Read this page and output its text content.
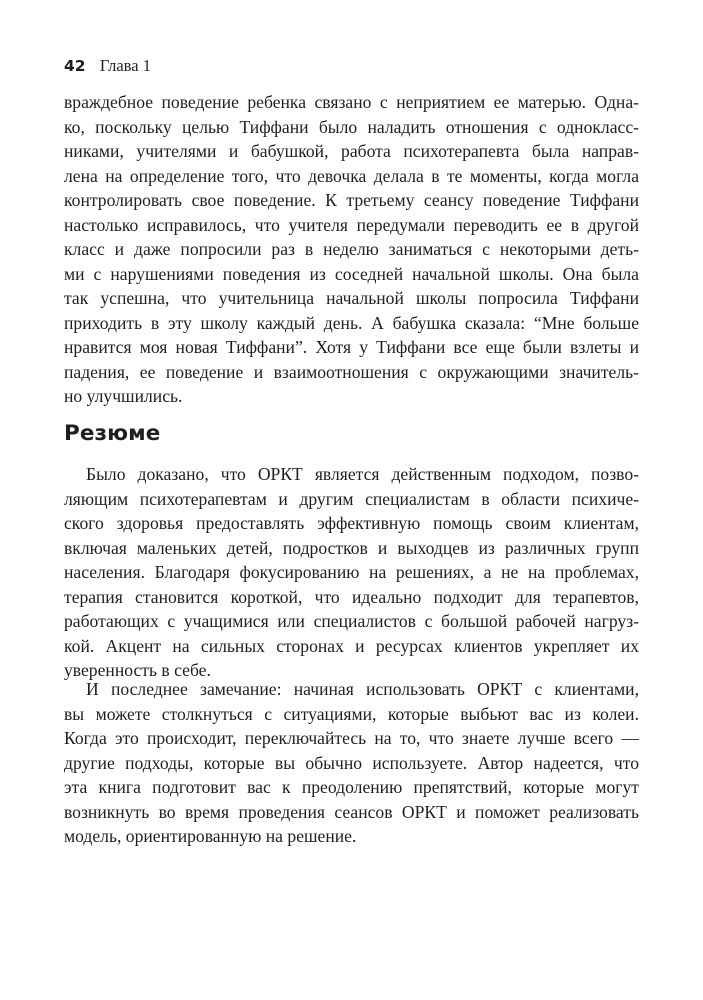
42 Глава 1
враждебное поведение ребенка связано с неприятием ее матерью. Одна-
ко, поскольку целью Тиффани было наладить отношения с однокласс-
никами, учителями и бабушкой, работа психотерапевта была направ-
лена на определение того, что девочка делала в те моменты, когда могла
контролировать свое поведение. К третьему сеансу поведение Тиффани
настолько исправилось, что учителя передумали переводить ее в другой
класс и даже попросили раз в неделю заниматься с некоторыми деть-
ми с нарушениями поведения из соседней начальной школы. Она была
так успешна, что учительница начальной школы попросила Тиффани
приходить в эту школу каждый день. А бабушка сказала: “Мне больше
нравится моя новая Тиффани”. Хотя у Тиффани все еще были взлеты и
падения, ее поведение и взаимоотношения с окружающими значитель-
но улучшились.
Резюме
Было доказано, что ОРКТ является действенным подходом, позво-
ляющим психотерапевтам и другим специалистам в области психиче-
ского здоровья предоставлять эффективную помощь своим клиентам,
включая маленьких детей, подростков и выходцев из различных групп
населения. Благодаря фокусированию на решениях, а не на проблемах,
терапия становится короткой, что идеально подходит для терапевтов,
работающих с учащимися или специалистов с большой рабочей нагруз-
кой. Акцент на сильных сторонах и ресурсах клиентов укрепляет их
уверенность в себе.
И последнее замечание: начиная использовать ОРКТ с клиентами,
вы можете столкнуться с ситуациями, которые выбьют вас из колеи.
Когда это происходит, переключайтесь на то, что знаете лучше всего —
другие подходы, которые вы обычно используете. Автор надеется, что
эта книга подготовит вас к преодолению препятствий, которые могут
возникнуть во время проведения сеансов ОРКТ и поможет реализовать
модель, ориентированную на решение.
